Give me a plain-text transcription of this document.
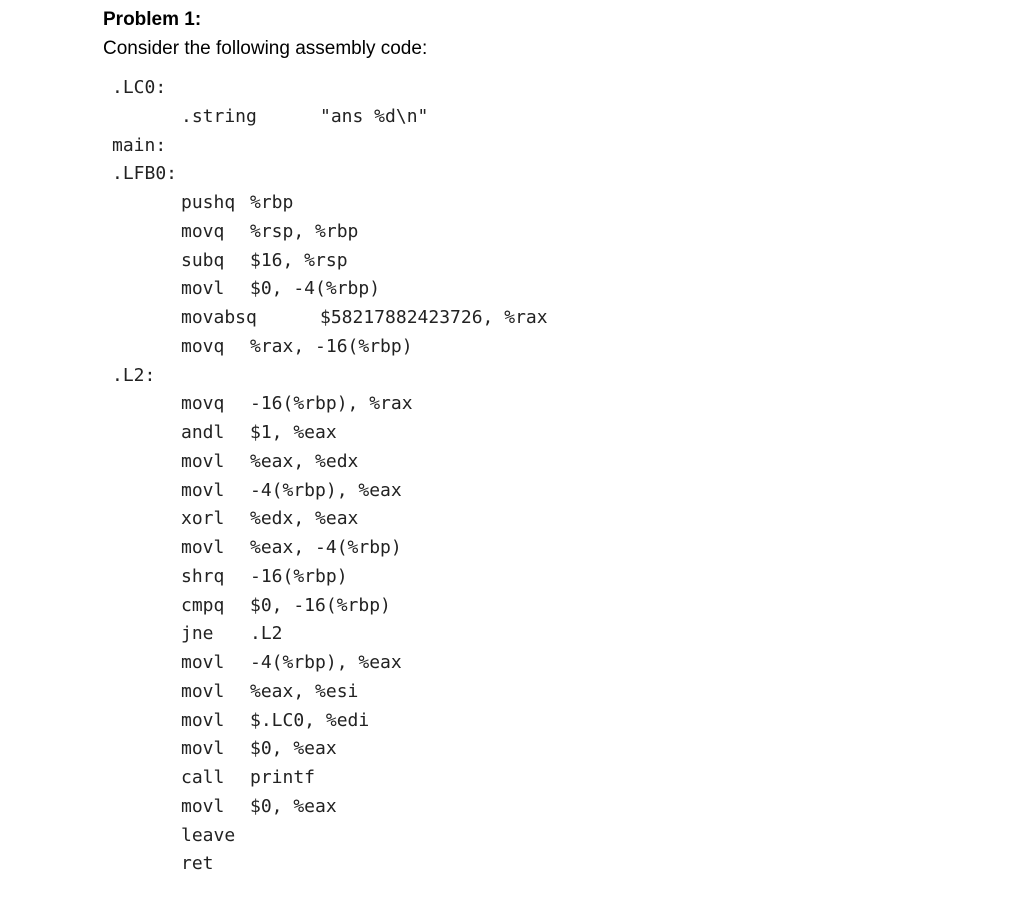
Problem 1:
Consider the following assembly code:
.LC0:
.string	"ans %d\n"
main:
.LFB0:
pushq %rbp
movq %rsp, %rbp
subq $16, %rsp
movl $0, -4(%rbp)
movabsq	$58217882423726, %rax
movq %rax, -16(%rbp)
.L2:
movq -16(%rbp), %rax
andl $1, %eax
movl %eax, %edx
movl -4(%rbp), %eax
xorl %edx, %eax
movl %eax, -4(%rbp)
shrq -16(%rbp)
cmpq $0, -16(%rbp)
jne .L2
movl -4(%rbp), %eax
movl %eax, %esi
movl $.LC0, %edi
movl $0, %eax
call printf
movl $0, %eax
leave
ret
